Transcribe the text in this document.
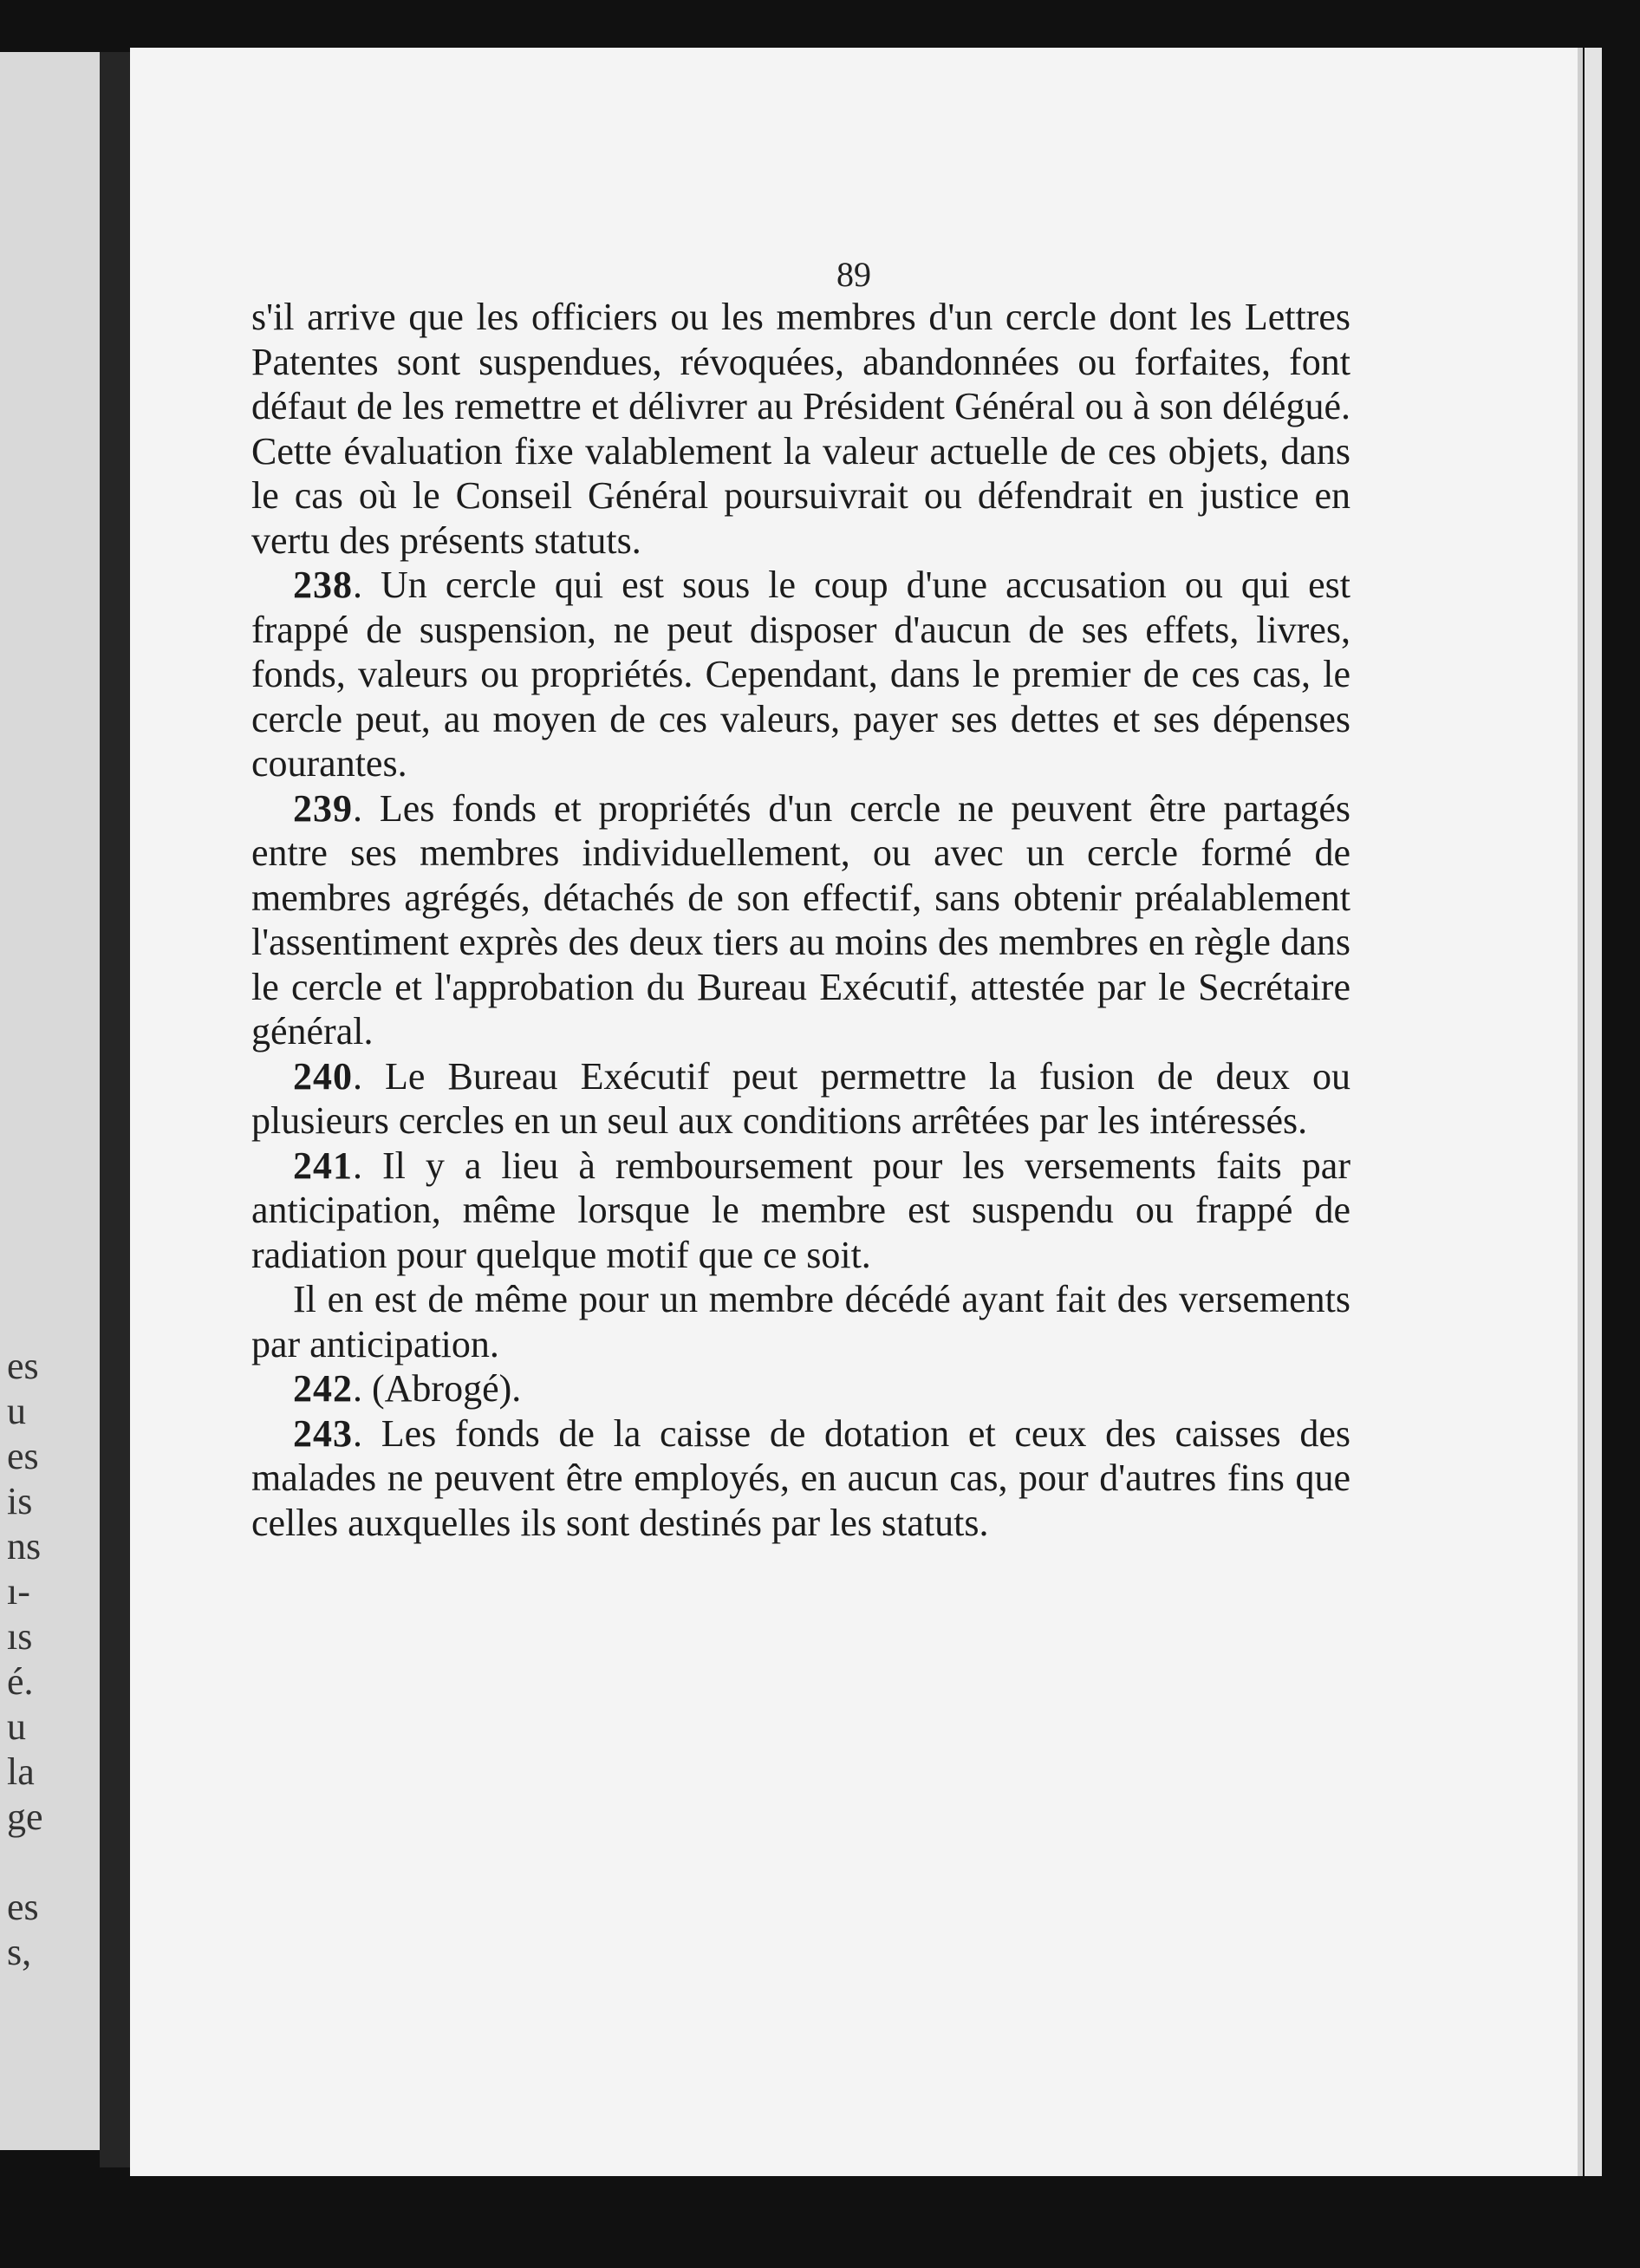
es
u
es
is
ns
ı-
ıs
é.
u
la
ge
es
s,
89

s'il arrive que les officiers ou les membres d'un cercle dont les Lettres Patentes sont suspendues, révoquées, abandonnées ou forfaites, font défaut de les remettre et délivrer au Président Général ou à son délégué. Cette évaluation fixe valablement la valeur actuelle de ces objets, dans le cas où le Conseil Général poursuivrait ou défendrait en justice en vertu des présents statuts.

238. Un cercle qui est sous le coup d'une accusation ou qui est frappé de suspension, ne peut disposer d'aucun de ses effets, livres, fonds, valeurs ou propriétés. Cependant, dans le premier de ces cas, le cercle peut, au moyen de ces valeurs, payer ses dettes et ses dépenses courantes.

239. Les fonds et propriétés d'un cercle ne peuvent être partagés entre ses membres individuellement, ou avec un cercle formé de membres agrégés, détachés de son effectif, sans obtenir préalablement l'assentiment exprès des deux tiers au moins des membres en règle dans le cercle et l'approbation du Bureau Exécutif, attestée par le Secrétaire général.

240. Le Bureau Exécutif peut permettre la fusion de deux ou plusieurs cercles en un seul aux conditions arrêtées par les intéressés.

241. Il y a lieu à remboursement pour les versements faits par anticipation, même lorsque le membre est suspendu ou frappé de radiation pour quelque motif que ce soit.

Il en est de même pour un membre décédé ayant fait des versements par anticipation.

242. (Abrogé).

243. Les fonds de la caisse de dotation et ceux des caisses des malades ne peuvent être employés, en aucun cas, pour d'autres fins que celles auxquelles ils sont destinés par les statuts.
